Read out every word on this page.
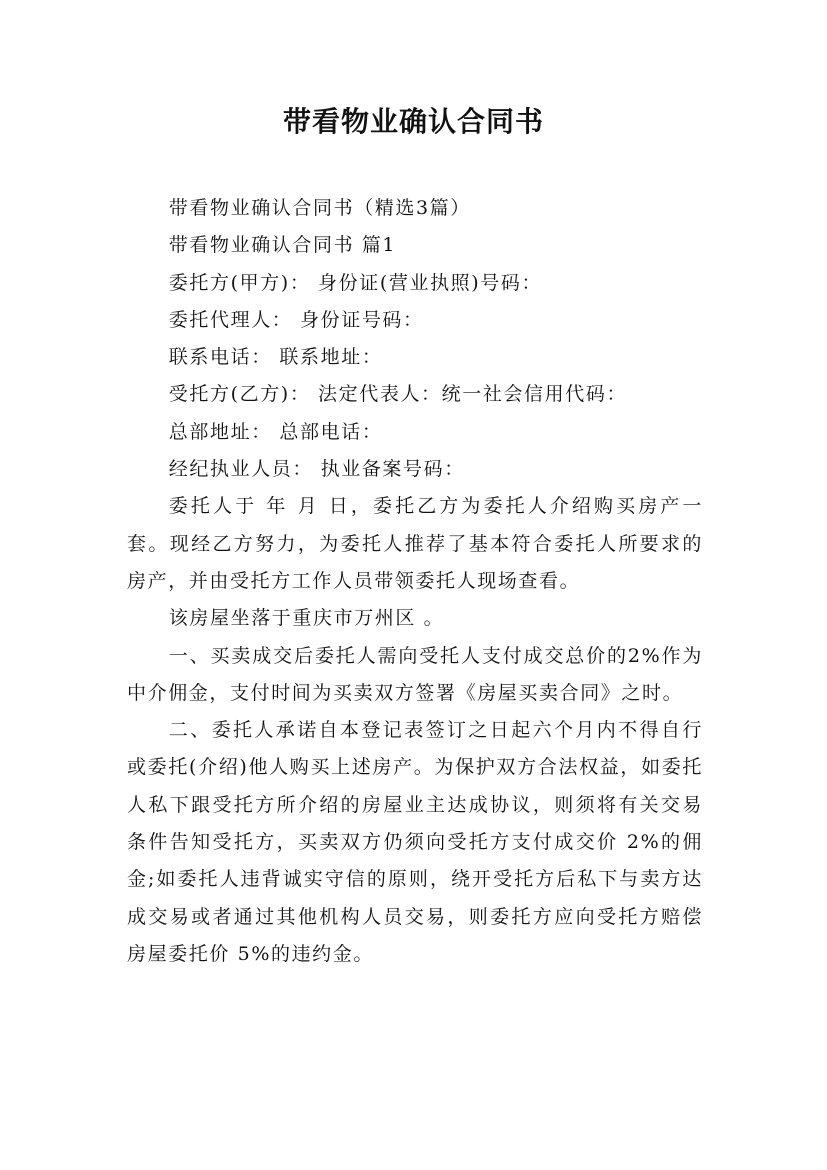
带看物业确认合同书

带看物业确认合同书（精选3篇）

带看物业确认合同书 篇1

委托方(甲方)： 身份证(营业执照)号码：

委托代理人： 身份证号码：

联系电话： 联系地址：

受托方(乙方)： 法定代表人：统一社会信用代码：

总部地址： 总部电话：

经纪执业人员： 执业备案号码：

委托人于 年 月 日，委托乙方为委托人介绍购买房产一套。现经乙方努力，为委托人推荐了基本符合委托人所要求的房产，并由受托方工作人员带领委托人现场查看。

该房屋坐落于重庆市万州区 。

一、买卖成交后委托人需向受托人支付成交总价的2%作为中介佣金，支付时间为买卖双方签署《房屋买卖合同》之时。

二、委托人承诺自本登记表签订之日起六个月内不得自行或委托(介绍)他人购买上述房产。为保护双方合法权益，如委托人私下跟受托方所介绍的房屋业主达成协议，则须将有关交易条件告知受托方，买卖双方仍须向受托方支付成交价 2%的佣金;如委托人违背诚实守信的原则，绕开受托方后私下与卖方达成交易或者通过其他机构人员交易，则委托方应向受托方赔偿房屋委托价 5%的违约金。
